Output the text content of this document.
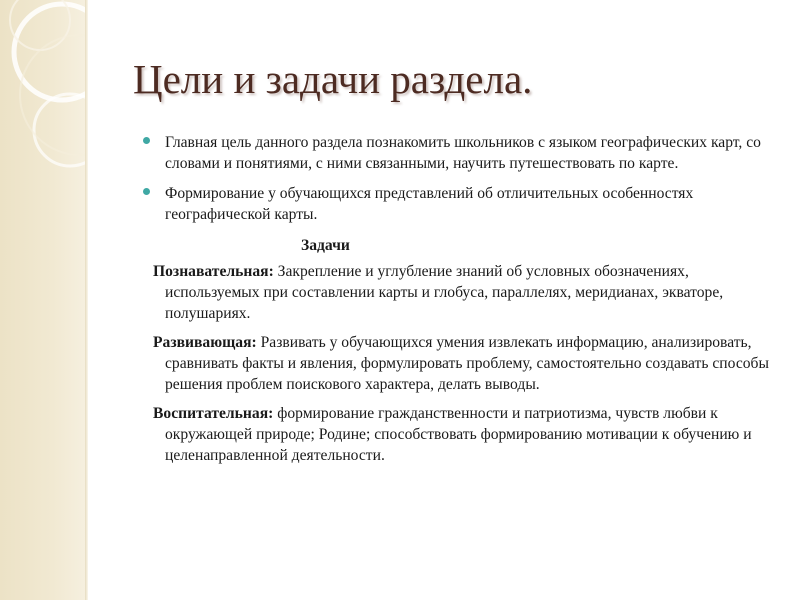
Цели и задачи раздела.
Главная цель данного раздела познакомить школьников с языком географических карт, со словами и понятиями, с ними связанными, научить путешествовать по карте.
Формирование у обучающихся представлений об отличительных особенностях географической карты.
Задачи
Познавательная: Закрепление и углубление знаний об условных обозначениях, используемых при составлении карты и глобуса, параллелях, меридианах, экваторе, полушариях.
Развивающая: Развивать у обучающихся умения извлекать информацию, анализировать, сравнивать факты и явления, формулировать проблему, самостоятельно создавать способы решения проблем поискового характера, делать выводы.
Воспитательная: формирование гражданственности и патриотизма, чувств любви к окружающей природе; Родине; способствовать формированию мотивации к обучению и целенаправленной деятельности.
